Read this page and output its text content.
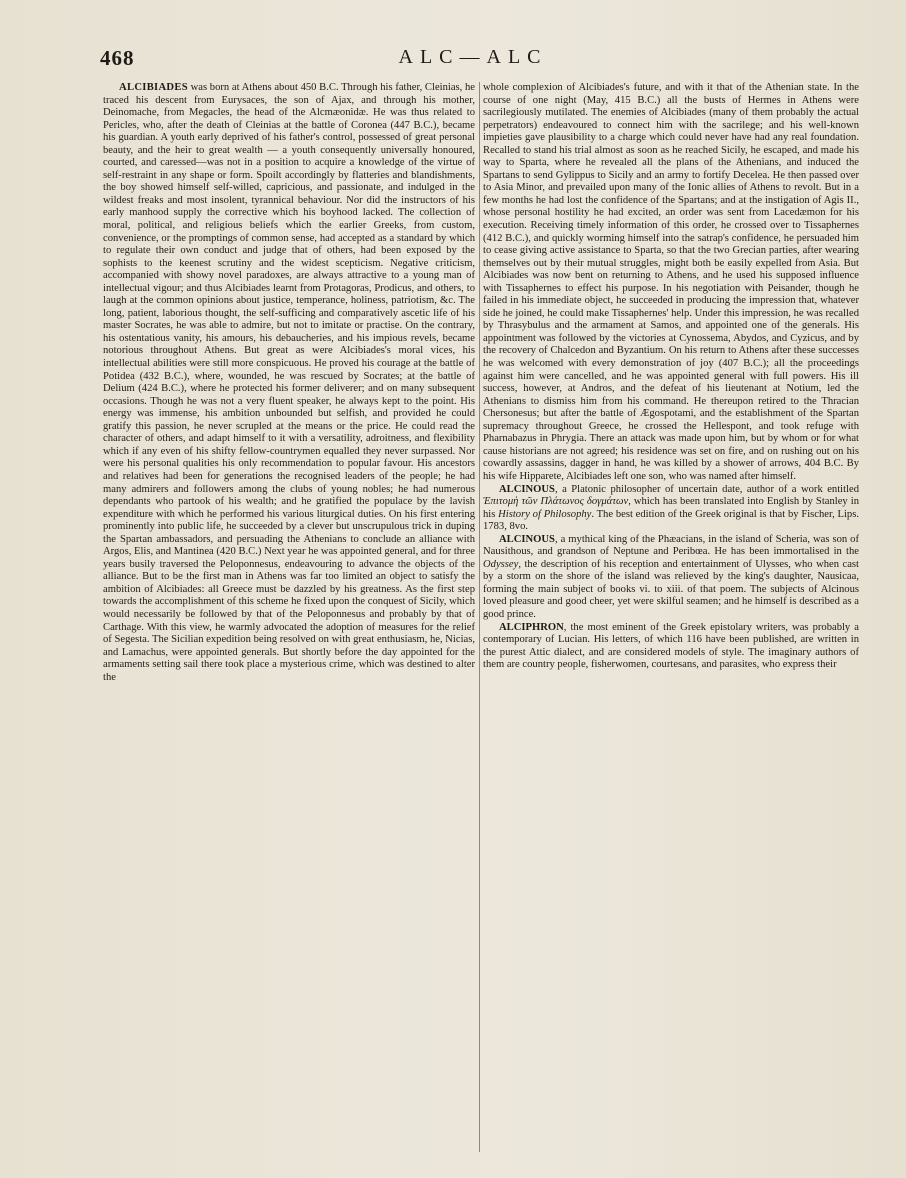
468	ALC—ALC

ALCIBIADES was born at Athens about 450 B.C. Through his father, Cleinias, he traced his descent from Eurysaces, the son of Ajax, and through his mother, Deinomache, from Megacles, the head of the Alcmæonidæ. He was thus related to Pericles, who, after the death of Cleinias at the battle of Coronea (447 B.C.), became his guardian. A youth early deprived of his father's control, possessed of great personal beauty, and the heir to great wealth — a youth consequently universally honoured, courted, and caressed—was not in a position to acquire a knowledge of the virtue of self-restraint in any shape or form. Spoilt accordingly by flatteries and blandishments, the boy showed himself self-willed, capricious, and passionate, and indulged in the wildest freaks and most insolent, tyrannical behaviour. Nor did the instructors of his early manhood supply the corrective which his boyhood lacked. The collection of moral, political, and religious beliefs which the earlier Greeks, from custom, convenience, or the promptings of common sense, had accepted as a standard by which to regulate their own conduct and judge that of others, had been exposed by the sophists to the keenest scrutiny and the widest scepticism. Negative criticism, accompanied with showy novel paradoxes, are always attractive to a young man of intellectual vigour; and thus Alcibiades learnt from Protagoras, Prodicus, and others, to laugh at the common opinions about justice, temperance, holiness, patriotism, &c. The long, patient, laborious thought, the self-sufficing and comparatively ascetic life of his master Socrates, he was able to admire, but not to imitate or practise. On the contrary, his ostentatious vanity, his amours, his debaucheries, and his impious revels, became notorious throughout Athens. But great as were Alcibiades's moral vices, his intellectual abilities were still more conspicuous. He proved his courage at the battle of Potidea (432 B.C.), where, wounded, he was rescued by Socrates; at the battle of Delium (424 B.C.), where he protected his former deliverer; and on many subsequent occasions. Though he was not a very fluent speaker, he always kept to the point. His energy was immense, his ambition unbounded but selfish, and provided he could gratify this passion, he never scrupled at the means or the price. He could read the character of others, and adapt himself to it with a versatility, adroitness, and flexibility which if any even of his shifty fellow-countrymen equalled they never surpassed. Nor were his personal qualities his only recommendation to popular favour. His ancestors and relatives had been for generations the recognised leaders of the people; he had many admirers and followers among the clubs of young nobles; he had numerous dependants who partook of his wealth; and he gratified the populace by the lavish expenditure with which he performed his various liturgical duties. On his first entering prominently into public life, he succeeded by a clever but unscrupulous trick in duping the Spartan ambassadors, and persuading the Athenians to conclude an alliance with Argos, Elis, and Mantinea (420 B.C.) Next year he was appointed general, and for three years busily traversed the Peloponnesus, endeavouring to advance the objects of the alliance. But to be the first man in Athens was far too limited an object to satisfy the ambition of Alcibiades: all Greece must be dazzled by his greatness. As the first step towards the accomplishment of this scheme he fixed upon the conquest of Sicily, which would necessarily be followed by that of the Peloponnesus and probably by that of Carthage. With this view, he warmly advocated the adoption of measures for the relief of Segesta. The Sicilian expedition being resolved on with great enthusiasm, he, Nicias, and Lamachus, were appointed generals. But shortly before the day appointed for the armaments setting sail there took place a mysterious crime, which was destined to alter the

whole complexion of Alcibiades's future, and with it that of the Athenian state. In the course of one night (May, 415 B.C.) all the busts of Hermes in Athens were sacrilegiously mutilated. The enemies of Alcibiades (many of them probably the actual perpetrators) endeavoured to connect him with the sacrilege; and his well-known impieties gave plausibility to a charge which could never have had any real foundation. Recalled to stand his trial almost as soon as he reached Sicily, he escaped, and made his way to Sparta, where he revealed all the plans of the Athenians, and induced the Spartans to send Gylippus to Sicily and an army to fortify Decelea. He then passed over to Asia Minor, and prevailed upon many of the Ionic allies of Athens to revolt. But in a few months he had lost the confidence of the Spartans; and at the instigation of Agis II., whose personal hostility he had excited, an order was sent from Lacedæmon for his execution. Receiving timely information of this order, he crossed over to Tissaphernes (412 B.C.), and quickly worming himself into the satrap's confidence, he persuaded him to cease giving active assistance to Sparta, so that the two Grecian parties, after wearing themselves out by their mutual struggles, might both be easily expelled from Asia. But Alcibiades was now bent on returning to Athens, and he used his supposed influence with Tissaphernes to effect his purpose. In his negotiation with Peisander, though he failed in his immediate object, he succeeded in producing the impression that, whatever side he joined, he could make Tissaphernes' help. Under this impression, he was recalled by Thrasybulus and the armament at Samos, and appointed one of the generals. His appointment was followed by the victories at Cynossema, Abydos, and Cyzicus, and by the recovery of Chalcedon and Byzantium. On his return to Athens after these successes he was welcomed with every demonstration of joy (407 B.C.); all the proceedings against him were cancelled, and he was appointed general with full powers. His ill success, however, at Andros, and the defeat of his lieutenant at Notium, led the Athenians to dismiss him from his command. He thereupon retired to the Thracian Chersonesus; but after the battle of Ægospotami, and the establishment of the Spartan supremacy throughout Greece, he crossed the Hellespont, and took refuge with Pharnabazus in Phrygia. There an attack was made upon him, but by whom or for what cause historians are not agreed; his residence was set on fire, and on rushing out on his cowardly assassins, dagger in hand, he was killed by a shower of arrows, 404 B.C. By his wife Hipparete, Alcibiades left one son, who was named after himself.

ALCINOUS, a Platonic philosopher of uncertain date, author of a work entitled Ἐπιτομὴ τῶν Πλάτωνος δογμάτων, which has been translated into English by Stanley in his History of Philosophy. The best edition of the Greek original is that by Fischer, Lips. 1783, 8vo.

ALCINOUS, a mythical king of the Phæacians, in the island of Scheria, was son of Nausithous, and grandson of Neptune and Peribœa. He has been immortalised in the Odyssey, the description of his reception and entertainment of Ulysses, who when cast by a storm on the shore of the island was relieved by the king's daughter, Nausicaa, forming the main subject of books vi. to xiii. of that poem. The subjects of Alcinous loved pleasure and good cheer, yet were skilful seamen; and he himself is described as a good prince.

ALCIPHRON, the most eminent of the Greek epistolary writers, was probably a contemporary of Lucian. His letters, of which 116 have been published, are written in the purest Attic dialect, and are considered models of style. The imaginary authors of them are country people, fisherwomen, courtesans, and parasites, who express their
